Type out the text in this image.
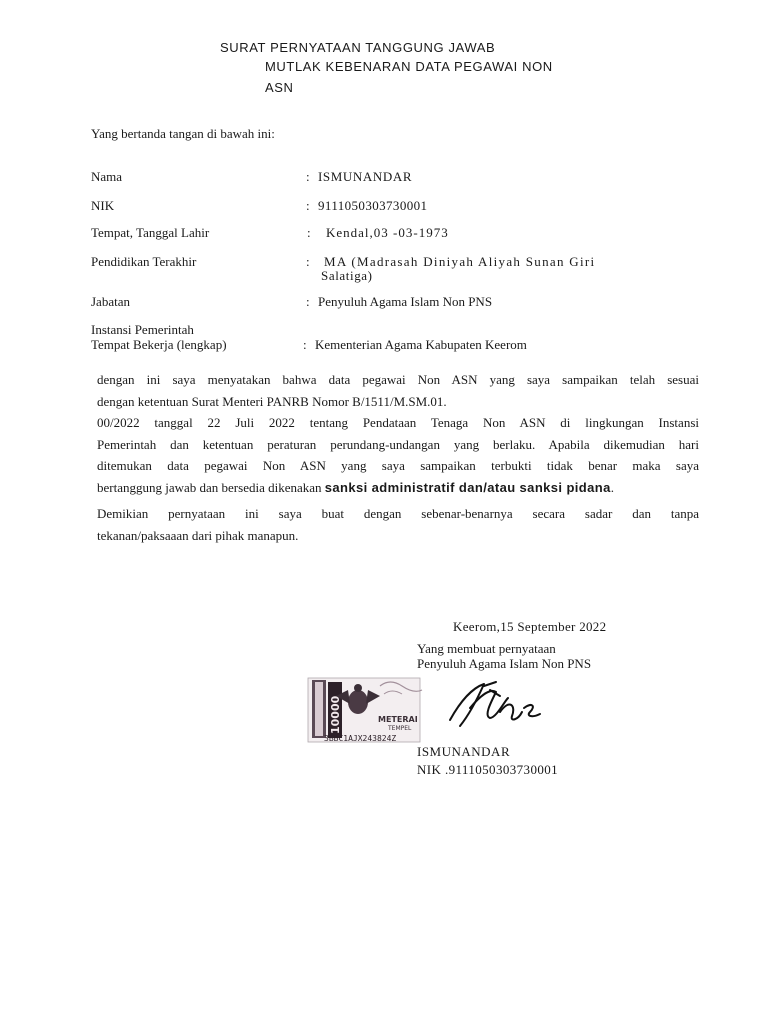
SURAT PERNYATAAN TANGGUNG JAWAB
MUTLAK KEBENARAN DATA PEGAWAI NON
ASN
Yang bertanda tangan di bawah ini:
Nama	: ISMUNANDAR
NIK	: 9111050303730001
Tempat, Tanggal Lahir	: Kendal,03 -03-1973
Pendidikan Terakhir	: MA (Madrasah Diniyah Aliyah Sunan Giri
Salatiga)
Jabatan	: Penyuluh Agama Islam Non PNS
Instansi Pemerintah
Tempat Bekerja (lengkap)	: Kementerian Agama Kabupaten Keerom
dengan ini saya menyatakan bahwa data pegawai Non ASN yang saya sampaikan telah sesuai
dengan ketentuan Surat Menteri PANRB Nomor B/1511/M.SM.01.
00/2022 tanggal 22 Juli 2022 tentang Pendataan Tenaga Non ASN di lingkungan Instansi
Pemerintah dan ketentuan peraturan perundang-undangan yang berlaku. Apabila dikemudian hari
ditemukan data pegawai Non ASN yang saya sampaikan terbukti tidak benar maka saya
bertanggung jawab dan bersedia dikenakan sanksi administratif dan/atau sanksi pidana.
Demikian pernyataan ini saya buat dengan sebenar-benarnya secara sadar dan tanpa
tekanan/paksaaan dari pihak manapun.
Keerom,15 September 2022
Yang membuat pernyataan
Penyuluh Agama Islam Non PNS
10000	METERAI
TEMPEL
3BBC1AJX243824Z
ISMUNANDAR
NIK .9111050303730001
